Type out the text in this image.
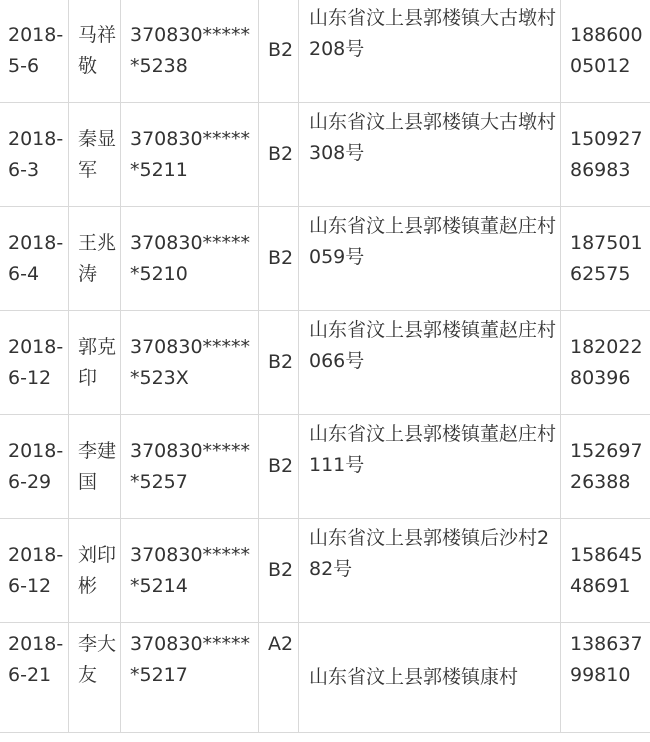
2018-5-6	马祥敬	370830******5238	B2	山东省汶上县郭楼镇大古墩村208号	18860005012
2018-6-3	秦显军	370830******5211	B2	山东省汶上县郭楼镇大古墩村308号	15092786983
2018-6-4	王兆涛	370830******5210	B2	山东省汶上县郭楼镇董赵庄村059号	18750162575
2018-6-12	郭克印	370830******523X	B2	山东省汶上县郭楼镇董赵庄村066号	18202280396
2018-6-29	李建国	370830******5257	B2	山东省汶上县郭楼镇董赵庄村111号	15269726388
2018-6-12	刘印彬	370830******5214	B2	山东省汶上县郭楼镇后沙村282号	15864548691
2018-6-21	李大友	370830******5217	A2	山东省汶上县郭楼镇康村	13863799810
